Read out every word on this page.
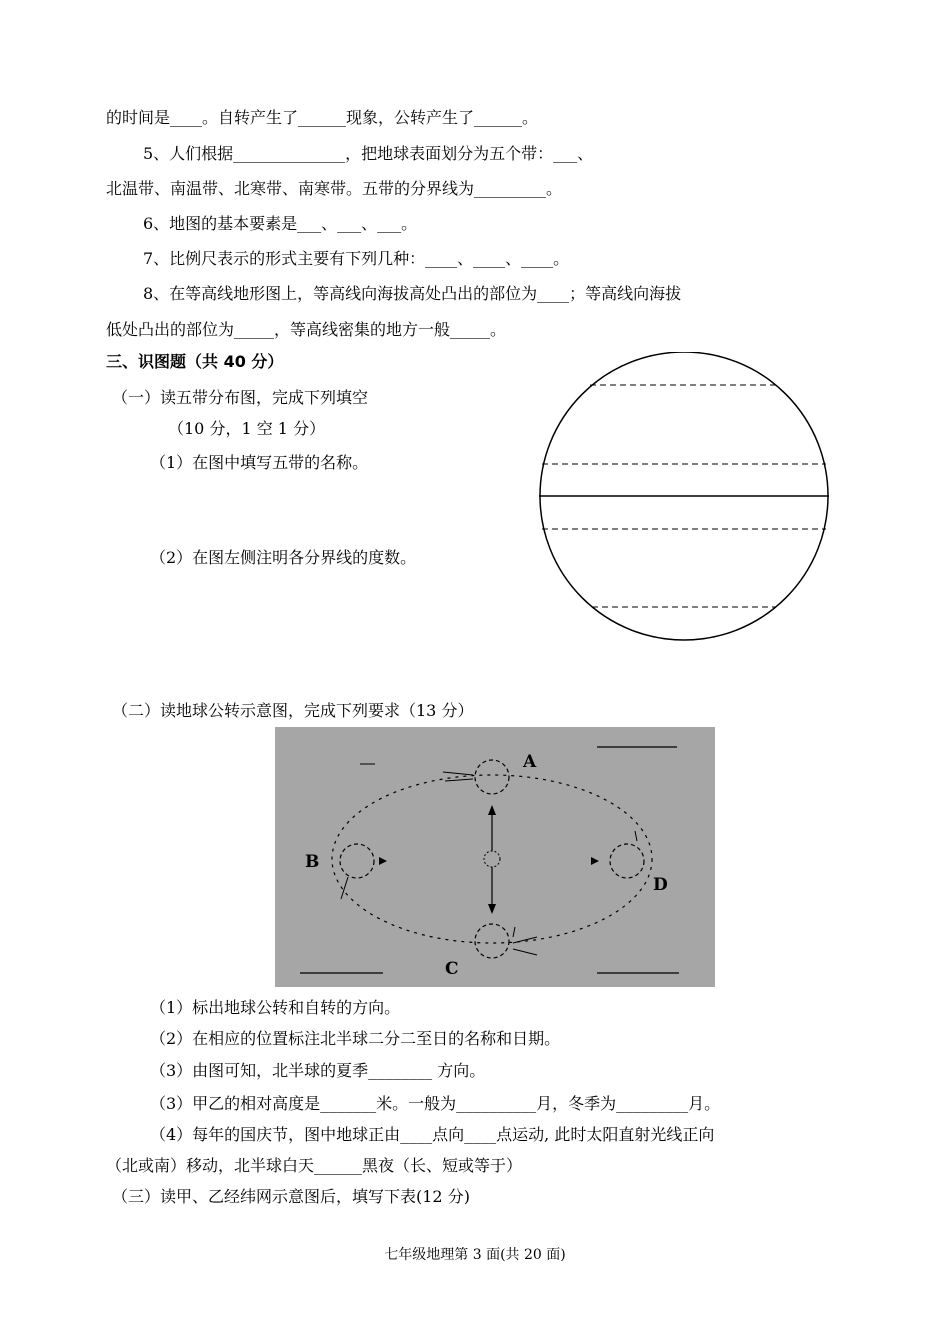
的时间是____。自转产生了______现象，公转产生了______。
5、人们根据______________，把地球表面划分为五个带：___、
北温带、南温带、北寒带、南寒带。五带的分界线为_________。
6、地图的基本要素是___、___、___。
7、比例尺表示的形式主要有下列几种：____、____、____。
8、在等高线地形图上，等高线向海拔高处凸出的部位为____；等高线向海拔
低处凸出的部位为_____，等高线密集的地方一般_____。
三、识图题（共 40 分）
（一）读五带分布图，完成下列填空
（10 分，1 空 1 分）
（1）在图中填写五带的名称。
（2）在图左侧注明各分界线的度数。
（二）读地球公转示意图，完成下列要求（13 分）
A
B
C
D
（1）标出地球公转和自转的方向。
（2）在相应的位置标注北半球二分二至日的名称和日期。
（3）由图可知，北半球的夏季________ 方向。
（3）甲乙的相对高度是_______米。一般为__________月，冬季为_________月。
（4）每年的国庆节，图中地球正由____点向____点运动, 此时太阳直射光线正向
（北或南）移动，北半球白天______黑夜（长、短或等于）
（三）读甲、乙经纬网示意图后，填写下表(12 分)
七年级地理第 3 面(共 20 面)
